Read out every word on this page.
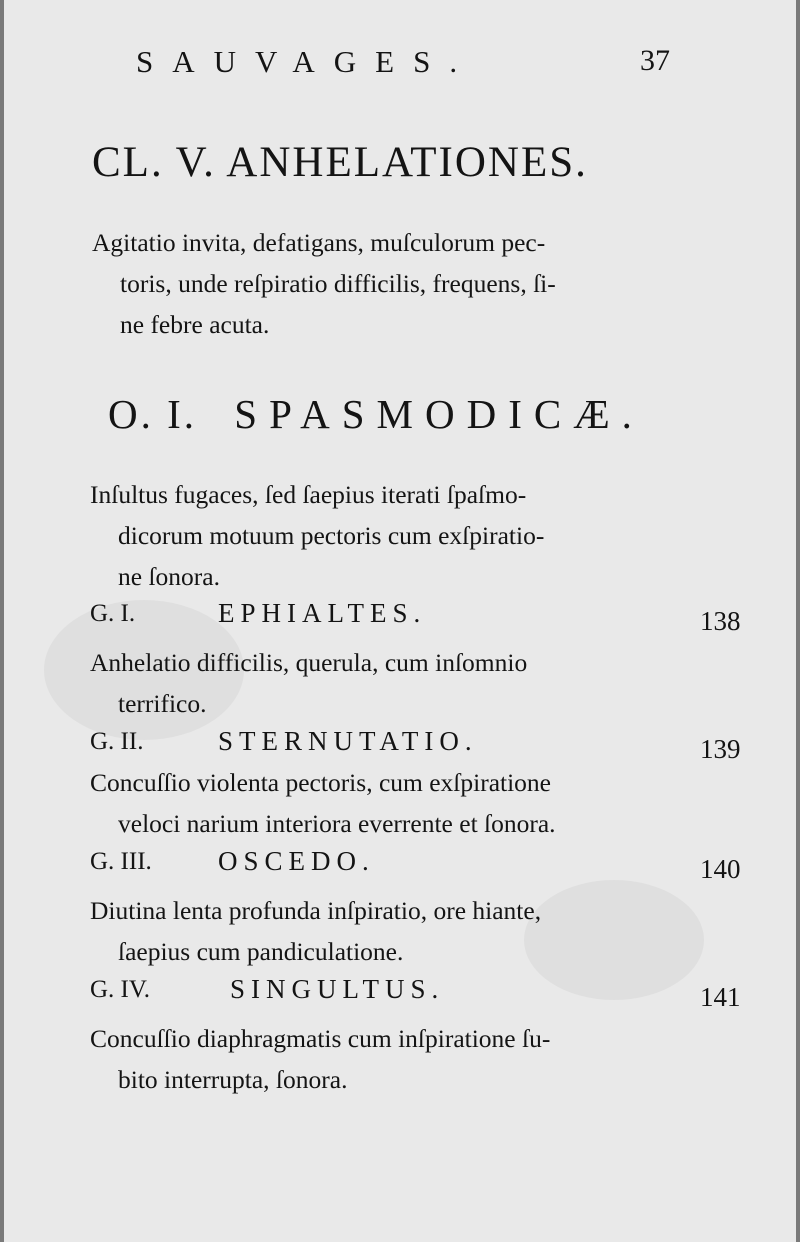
SAUVAGES.	37
CL. V. ANHELATIONES.
Agitatio invita, defatigans, muſculorum pec-
toris, unde reſpiratio difficilis, frequens, ſi-
ne febre acuta.
O. I. SPASMODICÆ.
Inſultus fugaces, ſed ſaepius iterati ſpaſmo-
dicorum motuum pectoris cum exſpiratio-
ne ſonora.
G. I.	EPHIALTES.	138
Anhelatio difficilis, querula, cum inſomnio
terrifico.
G. II.	STERNUTATIO.	139
Concuſſio violenta pectoris, cum exſpiratione
veloci narium interiora everrente et ſonora.
G. III. OSCEDO.	140
Diutina lenta profunda inſpiratio, ore hiante,
ſaepius cum pandiculatione.
G. IV.	SINGULTUS.	141
Concuſſio diaphragmatis cum inſpiratione ſu-
bito interrupta, ſonora.
